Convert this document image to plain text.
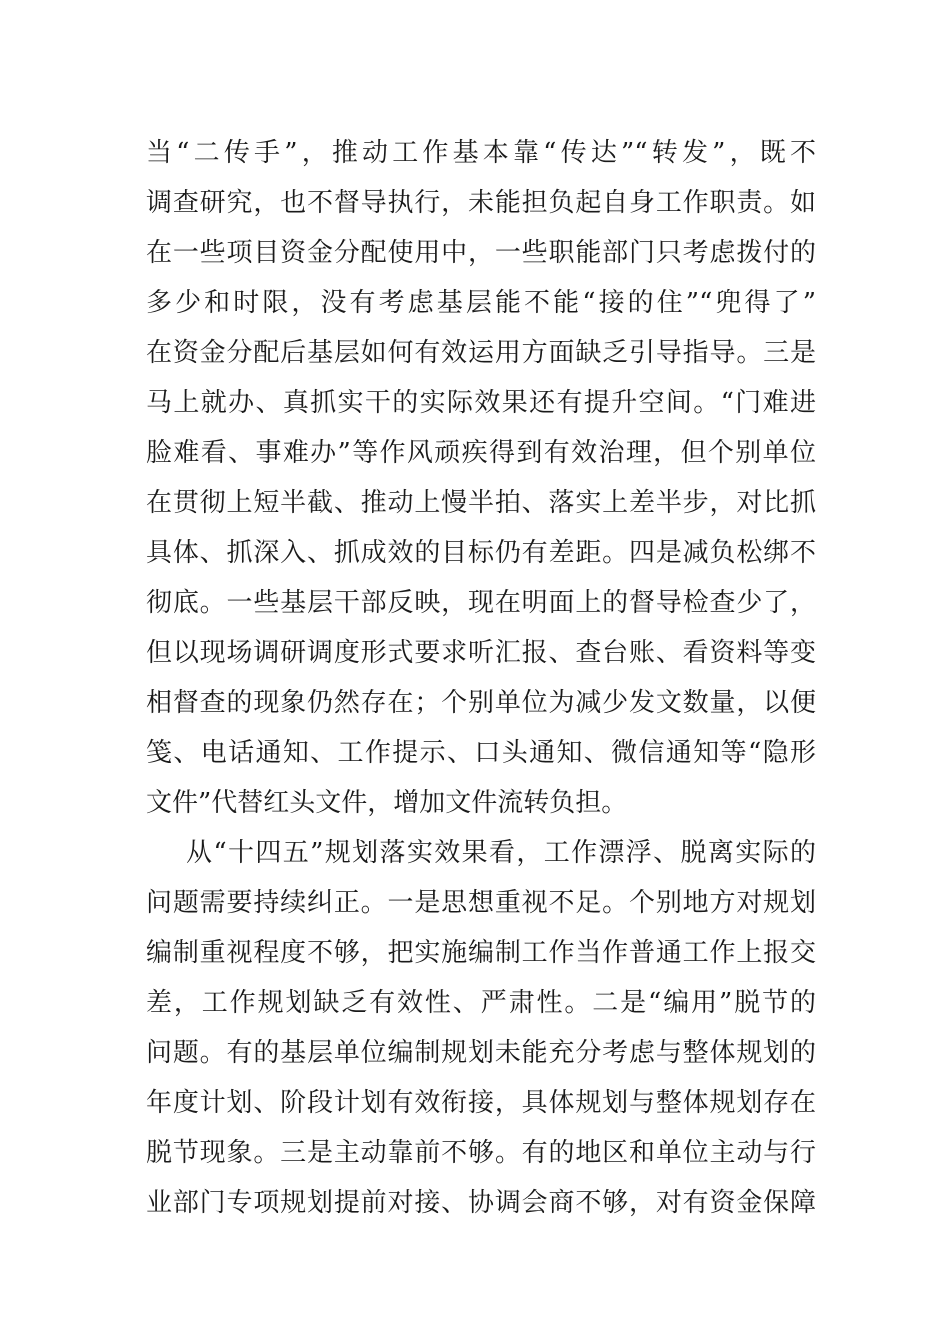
当“二传手”，推动工作基本靠“传达”“转发”，既不
调查研究，也不督导执行，未能担负起自身工作职责。如
在一些项目资金分配使用中，一些职能部门只考虑拨付的
多少和时限，没有考虑基层能不能“接的住”“兜得了”
在资金分配后基层如何有效运用方面缺乏引导指导。三是
马上就办、真抓实干的实际效果还有提升空间。“门难进
脸难看、事难办”等作风顽疾得到有效治理，但个别单位
在贯彻上短半截、推动上慢半拍、落实上差半步，对比抓
具体、抓深入、抓成效的目标仍有差距。四是减负松绑不
彻底。一些基层干部反映，现在明面上的督导检查少了，
但以现场调研调度形式要求听汇报、查台账、看资料等变
相督查的现象仍然存在；个别单位为减少发文数量，以便
笺、电话通知、工作提示、口头通知、微信通知等“隐形
文件”代替红头文件，增加文件流转负担。
从“十四五”规划落实效果看，工作漂浮、脱离实际的
问题需要持续纠正。一是思想重视不足。个别地方对规划
编制重视程度不够，把实施编制工作当作普通工作上报交
差，工作规划缺乏有效性、严肃性。二是“编用”脱节的
问题。有的基层单位编制规划未能充分考虑与整体规划的
年度计划、阶段计划有效衔接，具体规划与整体规划存在
脱节现象。三是主动靠前不够。有的地区和单位主动与行
业部门专项规划提前对接、协调会商不够，对有资金保障
